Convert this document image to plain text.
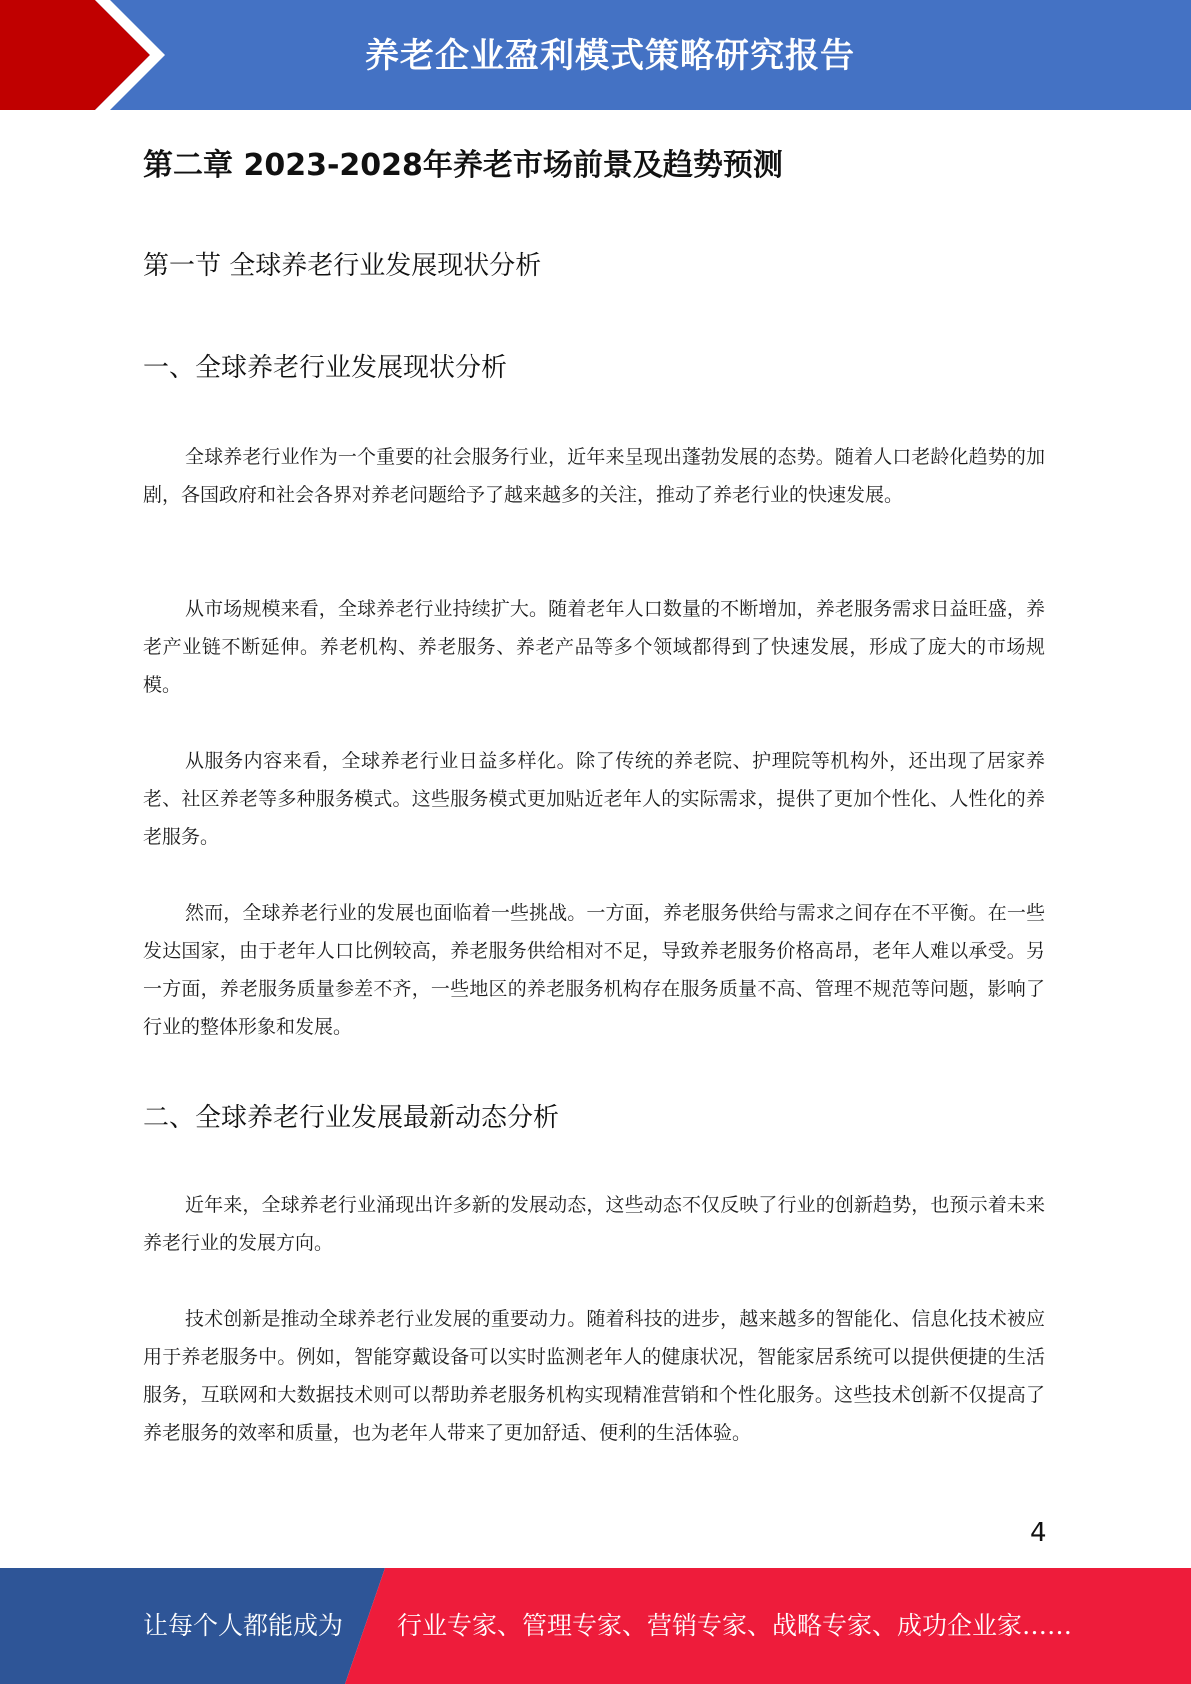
养老企业盈利模式策略研究报告
第二章 2023-2028年养老市场前景及趋势预测
第一节 全球养老行业发展现状分析
一、全球养老行业发展现状分析

全球养老行业作为一个重要的社会服务行业，近年来呈现出蓬勃发展的态势。随着人口老龄化趋势的加剧，各国政府和社会各界对养老问题给予了越来越多的关注，推动了养老行业的快速发展。

从市场规模来看，全球养老行业持续扩大。随着老年人口数量的不断增加，养老服务需求日益旺盛，养老产业链不断延伸。养老机构、养老服务、养老产品等多个领域都得到了快速发展，形成了庞大的市场规模。

从服务内容来看，全球养老行业日益多样化。除了传统的养老院、护理院等机构外，还出现了居家养老、社区养老等多种服务模式。这些服务模式更加贴近老年人的实际需求，提供了更加个性化、人性化的养老服务。

然而，全球养老行业的发展也面临着一些挑战。一方面，养老服务供给与需求之间存在不平衡。在一些发达国家，由于老年人口比例较高，养老服务供给相对不足，导致养老服务价格高昂，老年人难以承受。另一方面，养老服务质量参差不齐，一些地区的养老服务机构存在服务质量不高、管理不规范等问题，影响了行业的整体形象和发展。

二、全球养老行业发展最新动态分析

近年来，全球养老行业涌现出许多新的发展动态，这些动态不仅反映了行业的创新趋势，也预示着未来养老行业的发展方向。

技术创新是推动全球养老行业发展的重要动力。随着科技的进步，越来越多的智能化、信息化技术被应用于养老服务中。例如，智能穿戴设备可以实时监测老年人的健康状况，智能家居系统可以提供便捷的生活服务，互联网和大数据技术则可以帮助养老服务机构实现精准营销和个性化服务。这些技术创新不仅提高了养老服务的效率和质量，也为老年人带来了更加舒适、便利的生活体验。

4
让每个人都能成为 行业专家、管理专家、营销专家、战略专家、成功企业家……
